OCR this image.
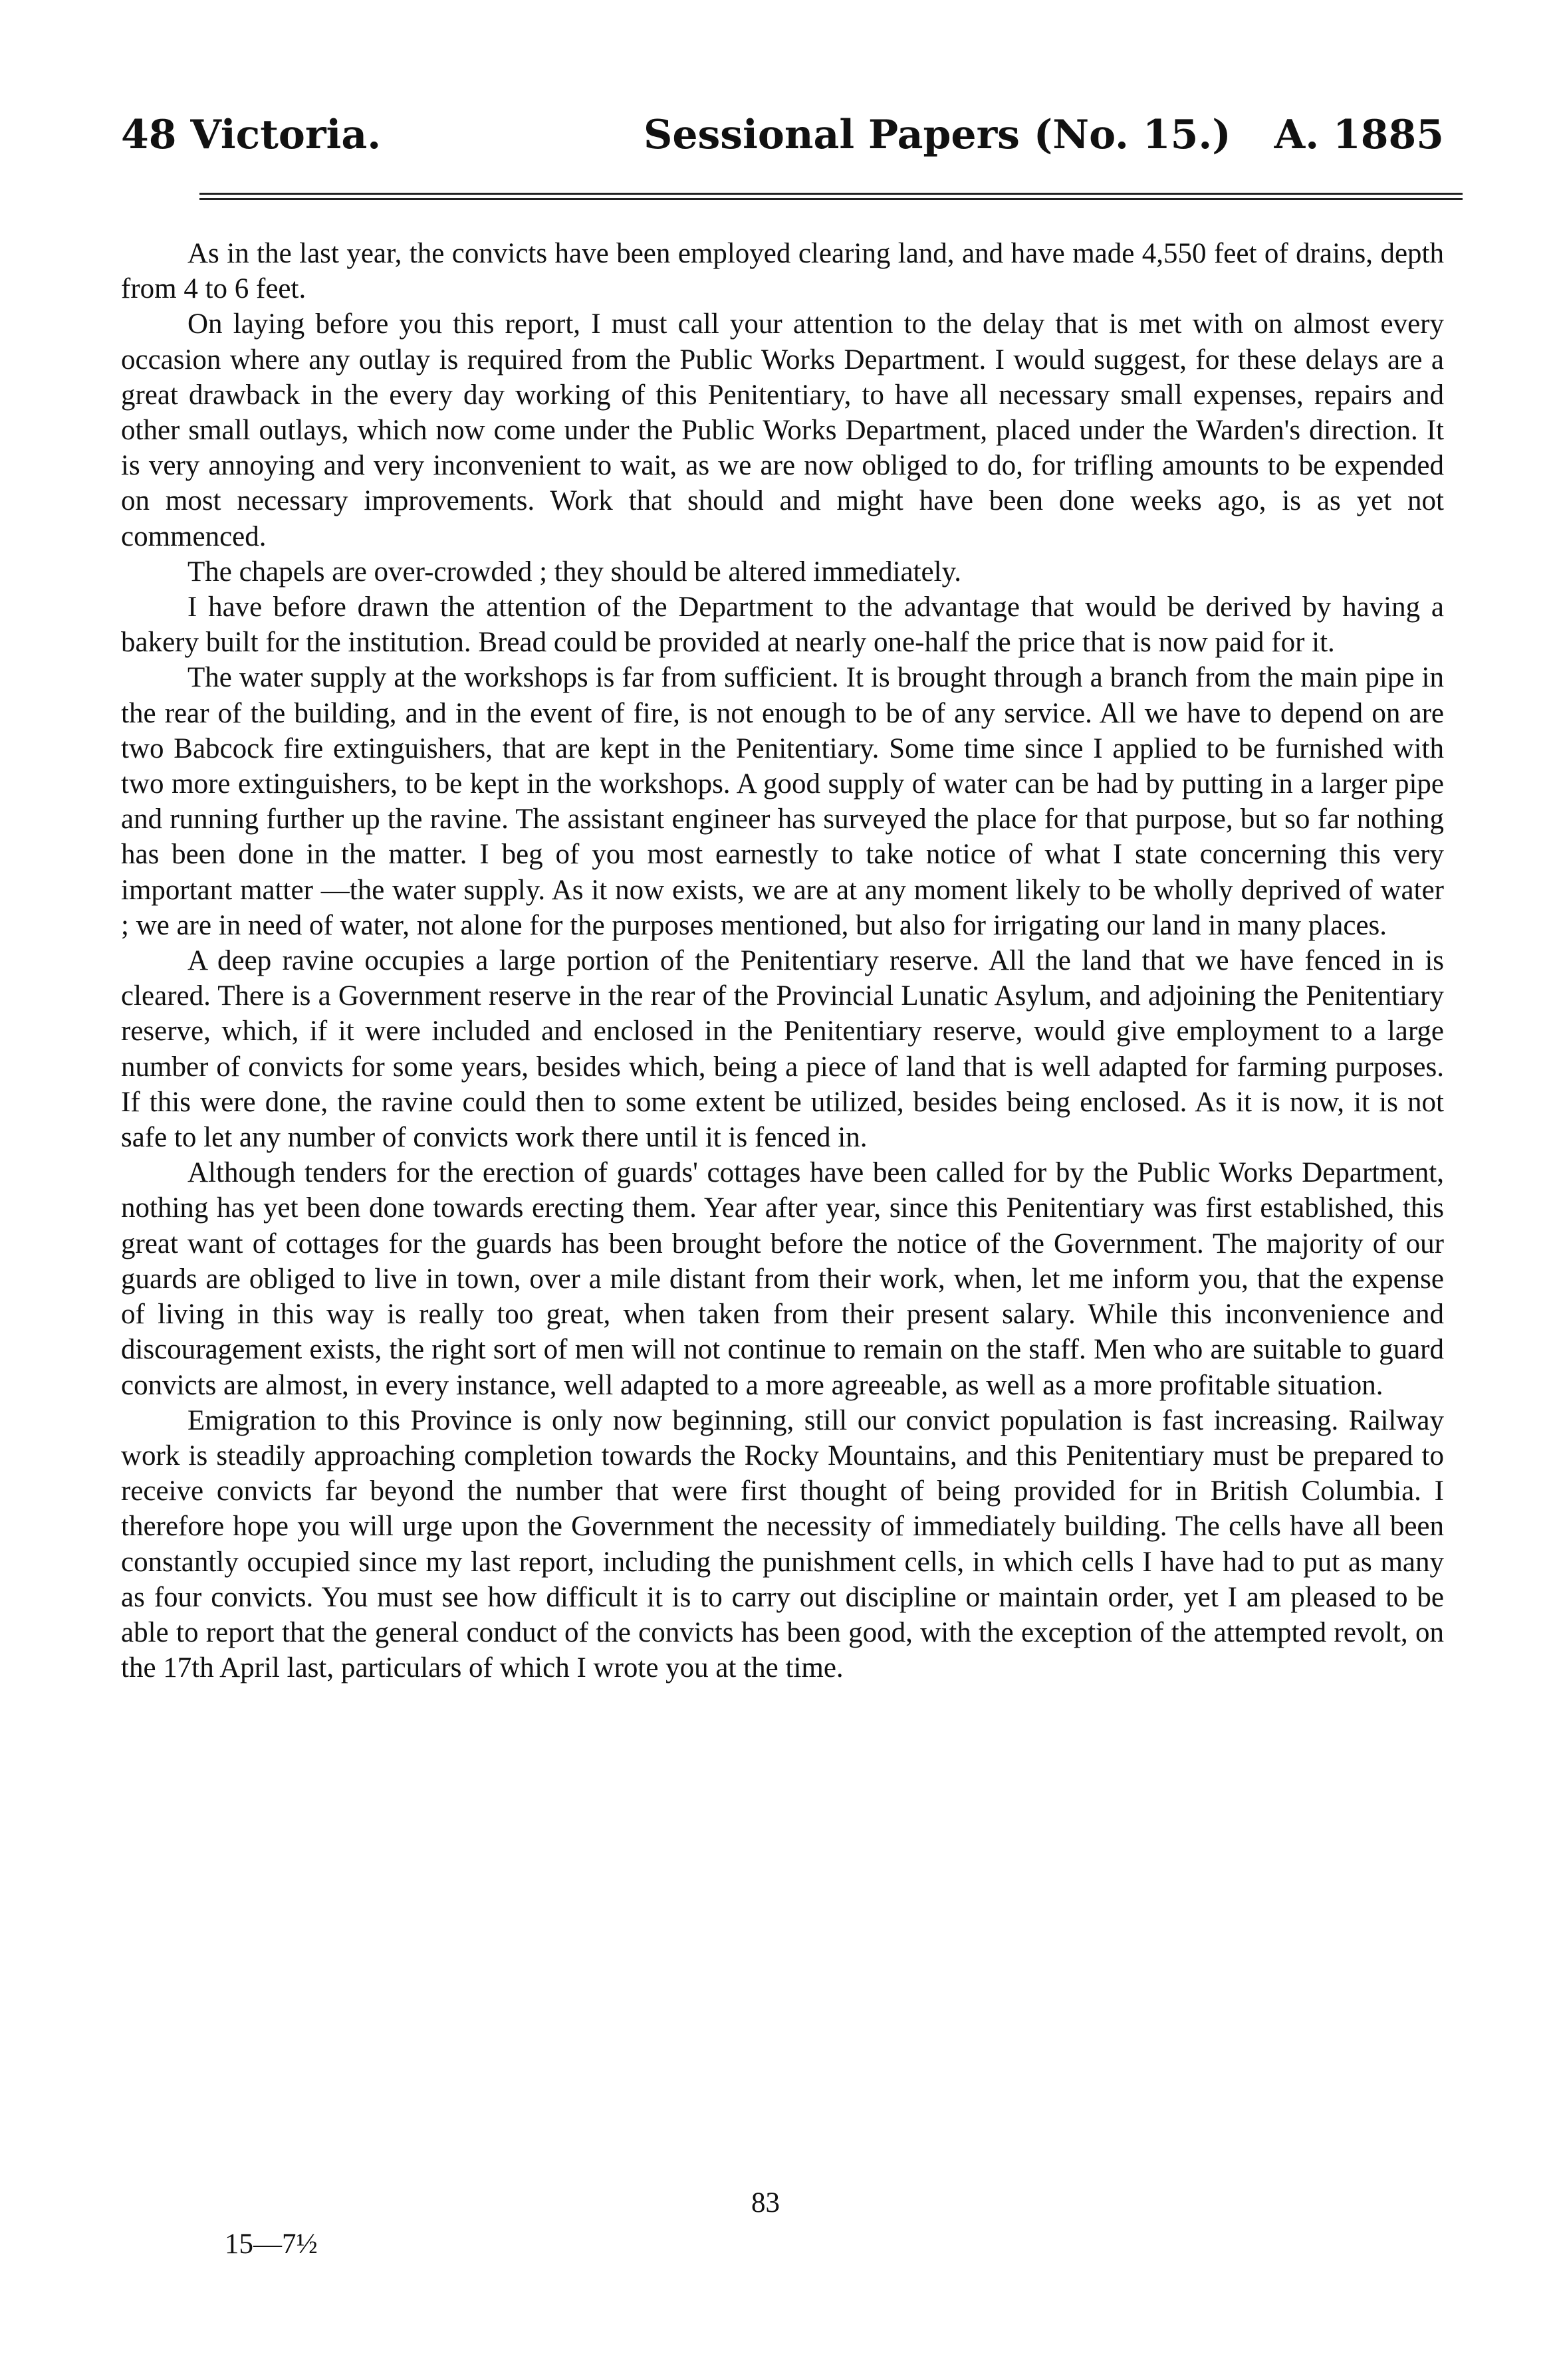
48 Victoria.	Sessional Papers (No. 15.) A. 1885

As in the last year, the convicts have been employed clearing land, and have made 4,550 feet of drains, depth from 4 to 6 feet.

On laying before you this report, I must call your attention to the delay that is met with on almost every occasion where any outlay is required from the Public Works Department. I would suggest, for these delays are a great drawback in the every day working of this Penitentiary, to have all necessary small expenses, repairs and other small outlays, which now come under the Public Works Department, placed under the Warden's direction. It is very annoying and very inconvenient to wait, as we are now obliged to do, for trifling amounts to be expended on most necessary improvements. Work that should and might have been done weeks ago, is as yet not commenced.

The chapels are over-crowded ; they should be altered immediately.

I have before drawn the attention of the Department to the advantage that would be derived by having a bakery built for the institution. Bread could be provided at nearly one-half the price that is now paid for it.

The water supply at the workshops is far from sufficient. It is brought through a branch from the main pipe in the rear of the building, and in the event of fire, is not enough to be of any service. All we have to depend on are two Babcock fire extinguishers, that are kept in the Penitentiary. Some time since I applied to be furnished with two more extinguishers, to be kept in the workshops. A good supply of water can be had by putting in a larger pipe and running further up the ravine. The assistant engineer has surveyed the place for that purpose, but so far nothing has been done in the matter. I beg of you most earnestly to take notice of what I state concerning this very important matter —the water supply. As it now exists, we are at any moment likely to be wholly deprived of water ; we are in need of water, not alone for the purposes mentioned, but also for irrigating our land in many places.

A deep ravine occupies a large portion of the Penitentiary reserve. All the land that we have fenced in is cleared. There is a Government reserve in the rear of the Provincial Lunatic Asylum, and adjoining the Penitentiary reserve, which, if it were included and enclosed in the Penitentiary reserve, would give employment to a large number of convicts for some years, besides which, being a piece of land that is well adapted for farming purposes. If this were done, the ravine could then to some extent be utilized, besides being enclosed. As it is now, it is not safe to let any number of convicts work there until it is fenced in.

Although tenders for the erection of guards' cottages have been called for by the Public Works Department, nothing has yet been done towards erecting them. Year after year, since this Penitentiary was first established, this great want of cottages for the guards has been brought before the notice of the Government. The majority of our guards are obliged to live in town, over a mile distant from their work, when, let me inform you, that the expense of living in this way is really too great, when taken from their present salary. While this inconvenience and discouragement exists, the right sort of men will not continue to remain on the staff. Men who are suitable to guard convicts are almost, in every instance, well adapted to a more agreeable, as well as a more profitable situation.

Emigration to this Province is only now beginning, still our convict population is fast increasing. Railway work is steadily approaching completion towards the Rocky Mountains, and this Penitentiary must be prepared to receive convicts far beyond the number that were first thought of being provided for in British Columbia. I therefore hope you will urge upon the Government the necessity of immediately building. The cells have all been constantly occupied since my last report, including the punishment cells, in which cells I have had to put as many as four convicts. You must see how difficult it is to carry out discipline or maintain order, yet I am pleased to be able to report that the general conduct of the convicts has been good, with the exception of the attempted revolt, on the 17th April last, particulars of which I wrote you at the time.

83
15—7½
